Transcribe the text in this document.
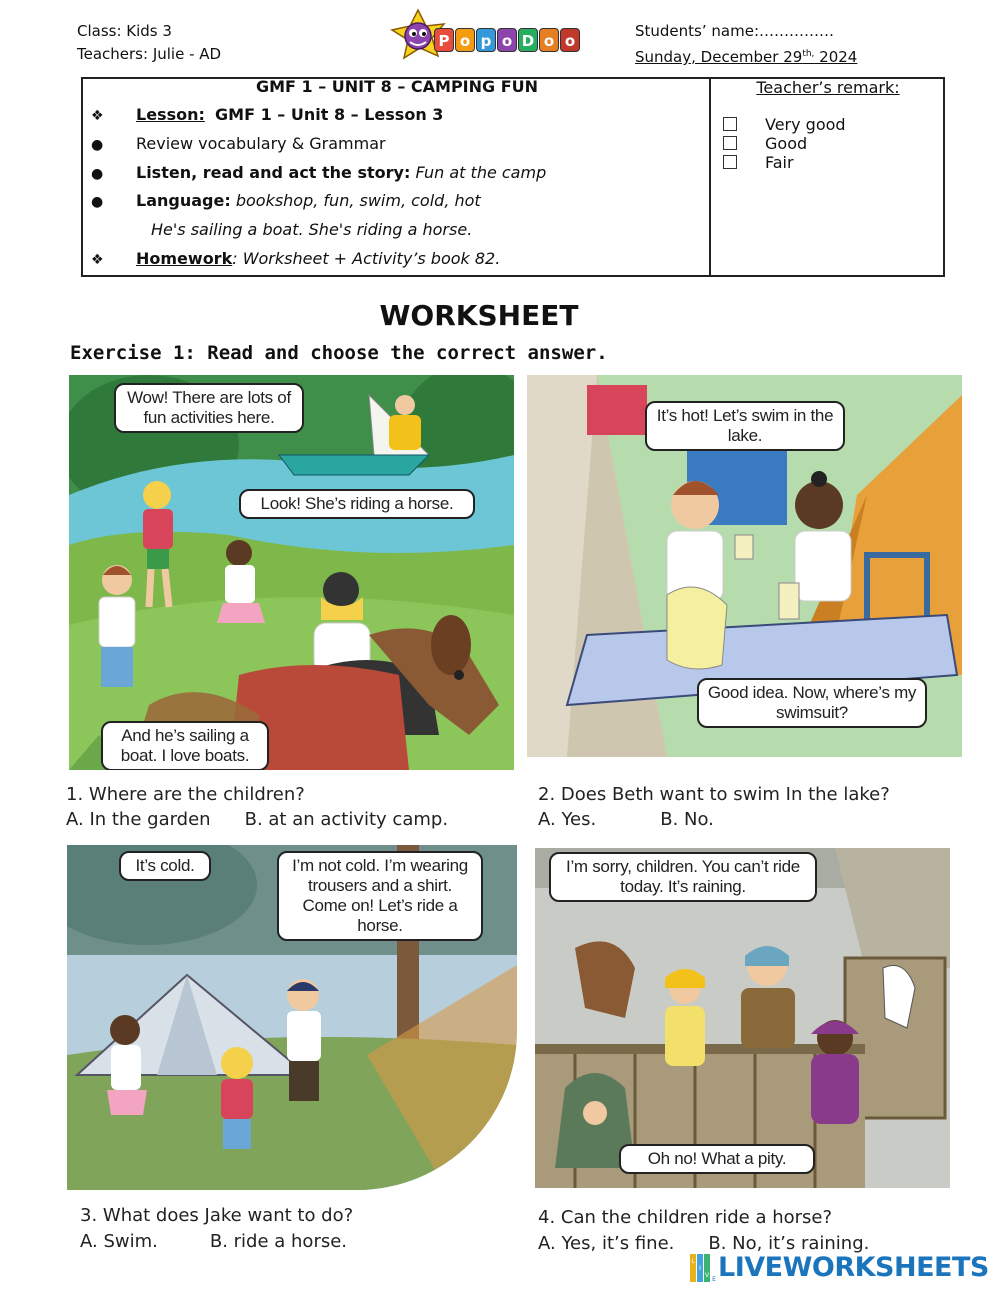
Class: Kids 3
Teachers: Julie - AD
P o p o D o o
Students’ name:……………
Sunday, December $29^{th,}$ 2024
GMF 1 – UNIT 8 – CAMPING FUN
❖ Lesson: GMF 1 – Unit 8 – Lesson 3
● Review vocabulary & Grammar
● Listen, read and act the story: Fun at the camp
● Language: bookshop, fun, swim, cold, hot
He's sailing a boat. She's riding a horse.
❖ Homework: Worksheet + Activity’s book 82.
Teacher’s remark:
Very good
Good
Fair
WORKSHEET
Exercise 1: Read and choose the correct answer.
Wow! There are lots of fun activities here.
Look! She’s riding a horse.
And he’s sailing a boat. I love boats.
It’s hot! Let’s swim in the lake.
Good idea. Now, where’s my swimsuit?
It’s cold.	I’m not cold. I’m wearing trousers and a shirt. Come on! Let’s ride a horse.
I’m sorry, children. You can’t ride today. It’s raining.
Oh no! What a pity.
1. Where are the children?
A. In the garden B. at an activity camp.
2. Does Beth want to swim In the lake?
A. Yes.	B. No.
3. What does Jake want to do?
A. Swim.	B. ride a horse.
4. Can the children ride a horse?
A. Yes, it’s fine. B. No, it’s raining.
L
I
V
E LIVEWORKSHEETS
